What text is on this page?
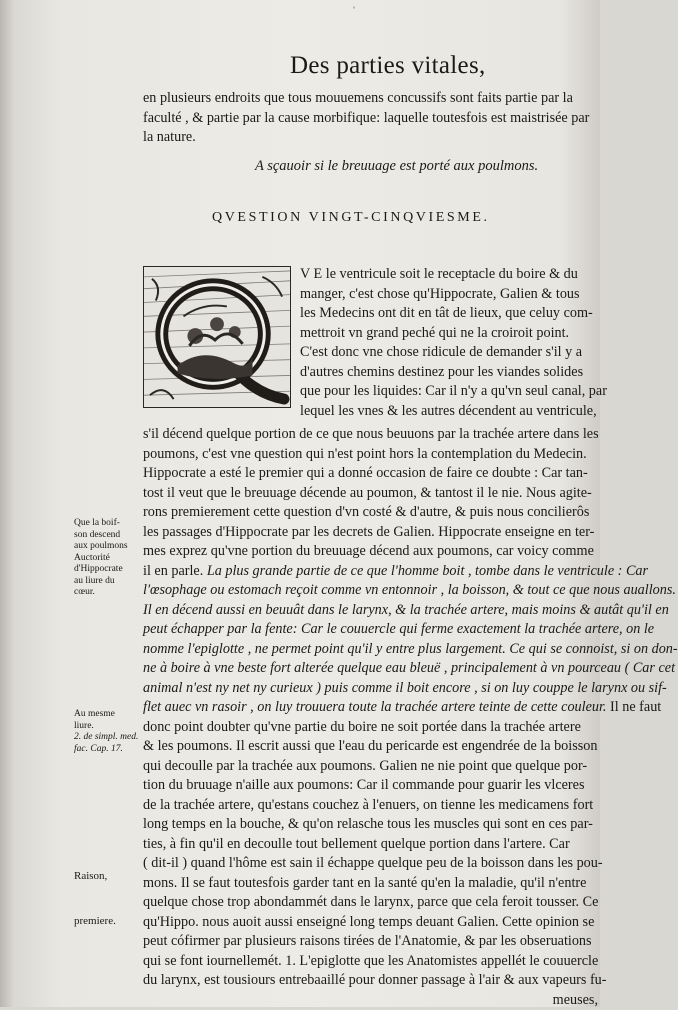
ˈ
Des parties vitales,
en plusieurs endroits que tous mouuemens concussifs sont faits partie par la
faculté , & partie par la cause morbifique: laquelle toutesfois est maistrisée par
la nature.
A sçauoir si le breuuage est porté aux poulmons.
QVESTION VINGT-CINQVIESME.
V E le ventricule soit le receptacle du boire & du
manger, c'est chose qu'Hippocrate, Galien & tous
les Medecins ont dit en tât de lieux, que celuy com-
mettroit vn grand peché qui ne la croiroit point.
C'est donc vne chose ridicule de demander s'il y a
d'autres chemins destinez pour les viandes solides
que pour les liquides: Car il n'y a qu'vn seul canal, par
lequel les vnes & les autres décendent au ventricule,
s'il décend quelque portion de ce que nous beuuons par la trachée artere dans les
poumons, c'est vne question qui n'est point hors la contemplation du Medecin.
Hippocrate a esté le premier qui a donné occasion de faire ce doubte : Car tan-
tost il veut que le breuuage décende au poumon, & tantost il le nie. Nous agite-
rons premierement cette question d'vn costé & d'autre, & puis nous concilierôs
les passages d'Hippocrate par les decrets de Galien. Hippocrate enseigne en ter-
mes exprez qu'vne portion du breuuage décend aux poumons, car voicy comme
il en parle. La plus grande partie de ce que l'homme boit , tombe dans le ventricule : Car
l'œsophage ou estomach reçoit comme vn entonnoir , la boisson, & tout ce que nous auallons.
Il en décend aussi en beuuât dans le larynx, & la trachée artere, mais moins & autât qu'il en
peut échapper par la fente: Car le couuercle qui ferme exactement la trachée artere, on le
nomme l'epiglotte , ne permet point qu'il y entre plus largement. Ce qui se connoist, si on don-
ne à boire à vne beste fort alterée quelque eau bleuë , principalement à vn pourceau ( Car cet
animal n'est ny net ny curieux ) puis comme il boit encore , si on luy couppe le larynx ou sif-
flet auec vn rasoir , on luy trouuera toute la trachée artere teinte de cette couleur. Il ne faut
donc point doubter qu'vne partie du boire ne soit portée dans la trachée artere
& les poumons. Il escrit aussi que l'eau du pericarde est engendrée de la boisson
qui decoulle par la trachée aux poumons. Galien ne nie point que quelque por-
tion du bruuage n'aille aux poumons: Car il commande pour guarir les vlceres
de la trachée artere, qu'estans couchez à l'enuers, on tienne les medicamens fort
long temps en la bouche, & qu'on relasche tous les muscles qui sont en ces par-
ties, à fin qu'il en decoulle tout bellement quelque portion dans l'artere. Car
( dit-il ) quand l'hôme est sain il échappe quelque peu de la boisson dans les pou-
mons. Il se faut toutesfois garder tant en la santé qu'en la maladie, qu'il n'entre
quelque chose trop abondammét dans le larynx, parce que cela feroit tousser. Ce
qu'Hippo. nous auoit aussi enseigné long temps deuant Galien. Cette opinion se
peut cófirmer par plusieurs raisons tirées de l'Anatomie, & par les obseruations
qui se font iournellemét. 1. L'epiglotte que les Anatomistes appellét le couuercle
du larynx, est tousiours entrebaaillé pour donner passage à l'air & aux vapeurs fu-
meuses,
Que la boif-
son descend
aux poulmons
Auctorité
d'Hippocrate
au liure du
cœur.
Au mesme
liure.
2. de simpl. med.
fac. Cap. 17.
Raison,
premiere.
